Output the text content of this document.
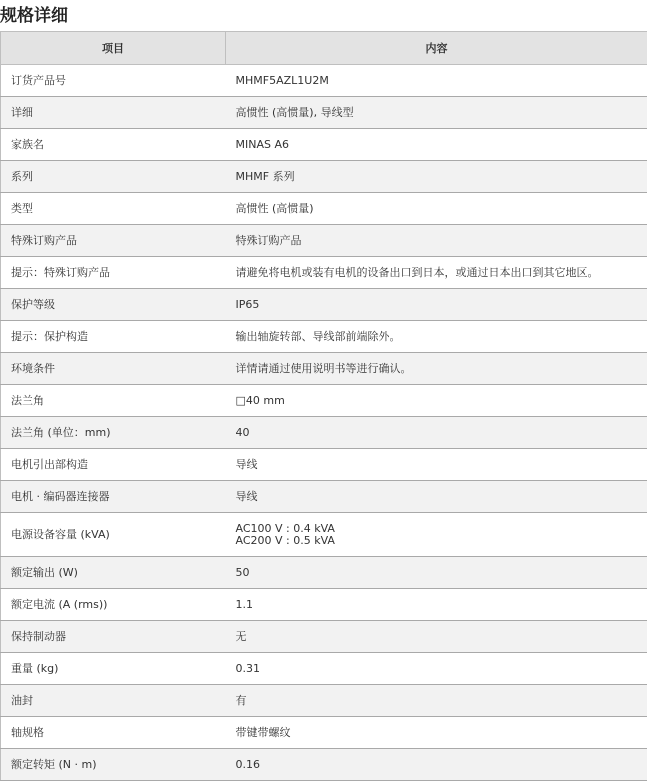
规格详细
项目	内容
订货产品号	MHMF5AZL1U2M
详细	高惯性 (高惯量), 导线型
家族名	MINAS A6
系列	MHMF 系列
类型	高惯性 (高惯量)
特殊订购产品	特殊订购产品
提示：特殊订购产品	请避免将电机或装有电机的设备出口到日本，或通过日本出口到其它地区。
保护等级	IP65
提示：保护构造	输出轴旋转部、导线部前端除外。
环境条件	详情请通过使用说明书等进行确认。
法兰角	□40 mm
法兰角 (单位：mm)	40
电机引出部构造	导线
电机 · 编码器连接器	导线
电源设备容量 (kVA)	AC100 V : 0.4 kVA
AC200 V : 0.5 kVA

额定输出 (W)	50
额定电流 (A (rms))	1.1
保持制动器	无
重量 (kg)	0.31
油封	有
轴规格	带键带螺纹
额定转矩 (N · m)	0.16
